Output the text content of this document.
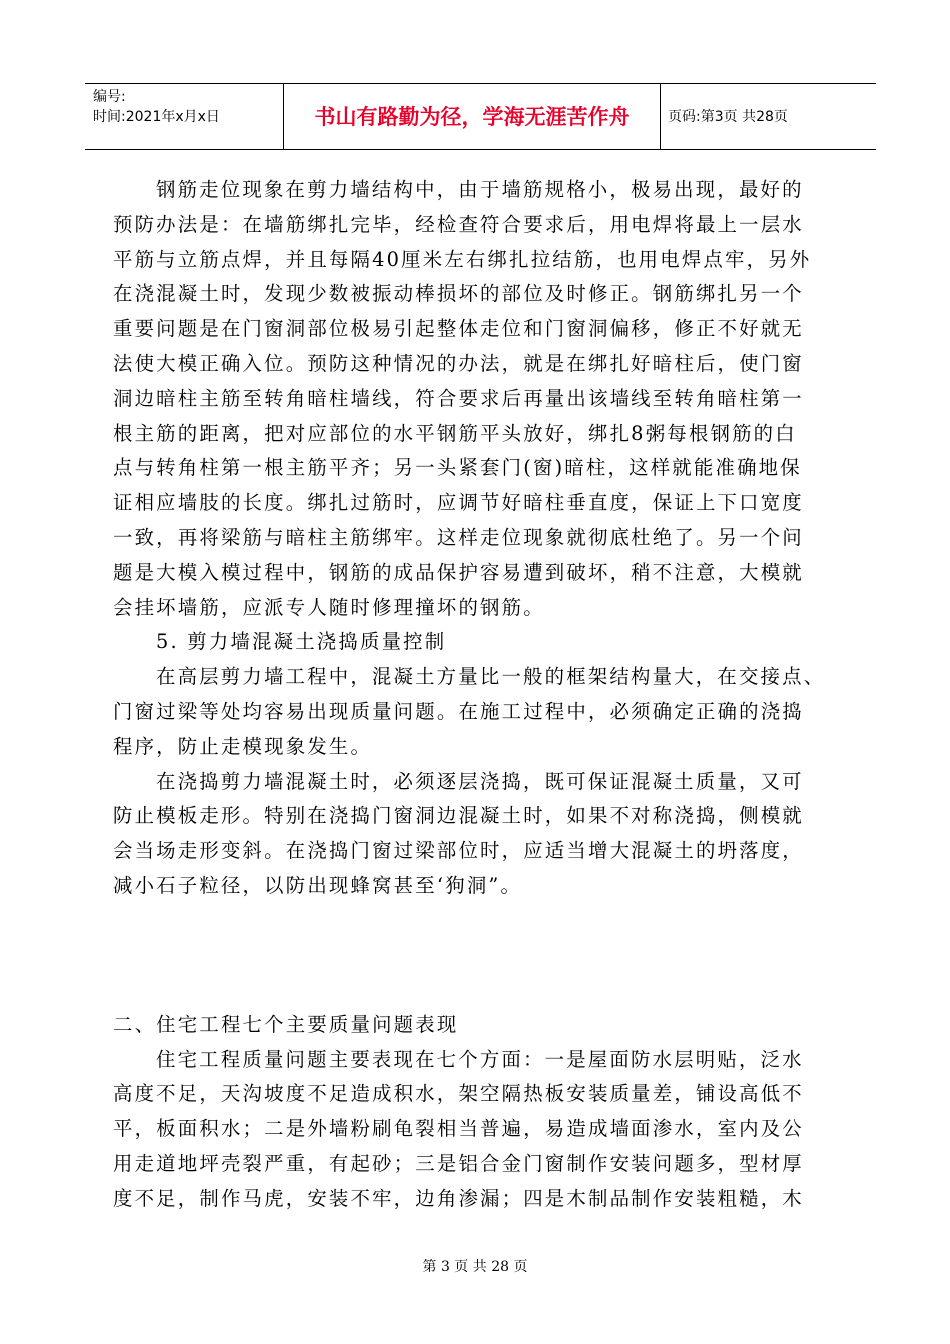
编号:
时间:2021年x月x日	书山有路勤为径，学海无涯苦作舟	页码:第3页 共28页
钢筋走位现象在剪力墙结构中，由于墙筋规格小，极易出现，最好的
预防办法是：在墙筋绑扎完毕，经检查符合要求后，用电焊将最上一层水
平筋与立筋点焊，并且每隔40厘米左右绑扎拉结筋，也用电焊点牢，另外
在浇混凝土时，发现少数被振动棒损坏的部位及时修正。钢筋绑扎另一个
重要问题是在门窗洞部位极易引起整体走位和门窗洞偏移，修正不好就无
法使大模正确入位。预防这种情况的办法，就是在绑扎好暗柱后，使门窗
洞边暗柱主筋至转角暗柱墙线，符合要求后再量出该墙线至转角暗柱第一
根主筋的距离，把对应部位的水平钢筋平头放好，绑扎8粥每根钢筋的白
点与转角柱第一根主筋平齐；另一头紧套门(窗)暗柱，这样就能准确地保
证相应墙肢的长度。绑扎过筋时，应调节好暗柱垂直度，保证上下口宽度
一致，再将梁筋与暗柱主筋绑牢。这样走位现象就彻底杜绝了。另一个问
题是大模入模过程中，钢筋的成品保护容易遭到破坏，稍不注意，大模就
会挂坏墙筋，应派专人随时修理撞坏的钢筋。
5. 剪力墙混凝土浇捣质量控制
在高层剪力墙工程中，混凝土方量比一般的框架结构量大，在交接点、
门窗过梁等处均容易出现质量问题。在施工过程中，必须确定正确的浇捣
程序，防止走模现象发生。
在浇捣剪力墙混凝土时，必须逐层浇捣，既可保证混凝土质量，又可
防止模板走形。特别在浇捣门窗洞边混凝土时，如果不对称浇捣，侧模就
会当场走形变斜。在浇捣门窗过梁部位时，应适当增大混凝土的坍落度，
减小石子粒径，以防出现蜂窝甚至‘狗洞”。
二、住宅工程七个主要质量问题表现
住宅工程质量问题主要表现在七个方面：一是屋面防水层明贴，泛水
高度不足，天沟坡度不足造成积水，架空隔热板安装质量差，铺设高低不
平，板面积水；二是外墙粉刷龟裂相当普遍，易造成墙面渗水，室内及公
用走道地坪壳裂严重，有起砂；三是铝合金门窗制作安装问题多，型材厚
度不足，制作马虎，安装不牢，边角渗漏；四是木制品制作安装粗糙，木
第 3 页 共 28 页
